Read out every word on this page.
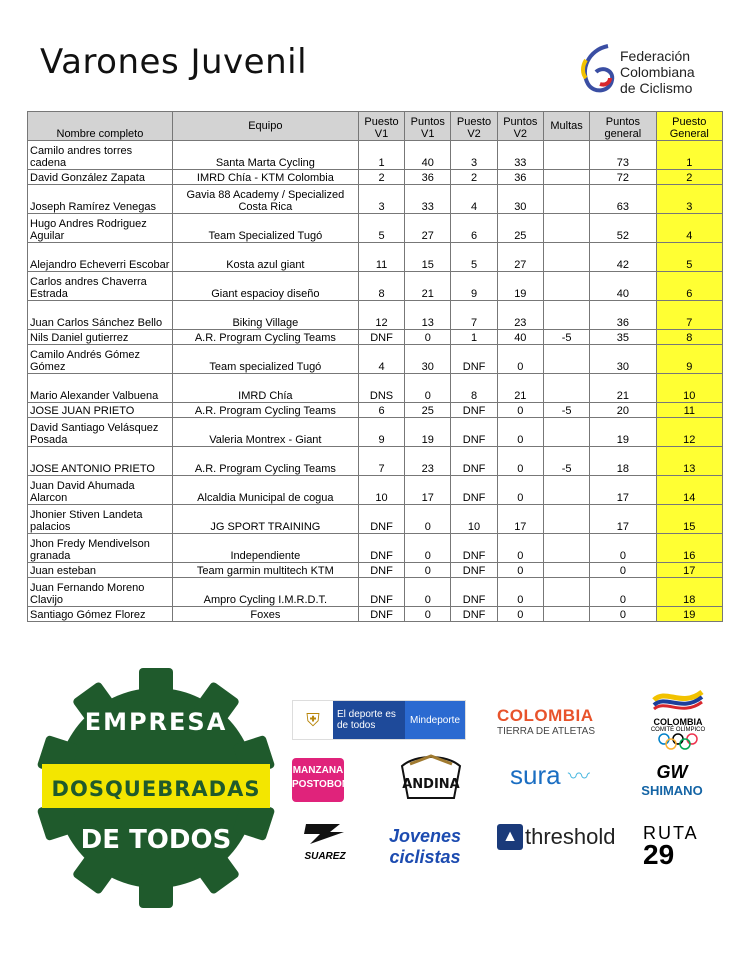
Varones Juvenil	Federación
Colombiana
de Ciclismo
Nombre completo	Equipo	Puesto V1	Puntos V1	Puesto V2	Puntos V2	Multas	Puntos general	Puesto General
Camilo andres torres cadena	Santa Marta Cycling	1	40	3	33		73	1
David González Zapata	IMRD Chía - KTM Colombia	2	36	2	36		72	2
Joseph Ramírez Venegas	Gavia 88 Academy / Specialized Costa Rica	3	33	4	30		63	3
Hugo Andres Rodriguez Aguilar	Team Specialized Tugó	5	27	6	25		52	4
Alejandro Echeverri Escobar	Kosta azul giant	11	15	5	27		42	5
Carlos andres Chaverra Estrada	Giant espacioy diseño	8	21	9	19		40	6
Juan Carlos Sánchez Bello	Biking Village	12	13	7	23		36	7
Nils Daniel gutierrez	A.R. Program Cycling Teams	DNF	0	1	40	-5	35	8
Camilo Andrés Gómez Gómez	Team specialized Tugó	4	30	DNF	0		30	9
Mario Alexander Valbuena	IMRD Chía	DNS	0	8	21		21	10
JOSE JUAN PRIETO	A.R. Program Cycling Teams	6	25	DNF	0	-5	20	11
David Santiago Velásquez Posada	Valeria Montrex - Giant	9	19	DNF	0		19	12
JOSE ANTONIO PRIETO	A.R. Program Cycling Teams	7	23	DNF	0	-5	18	13
Juan David Ahumada Alarcon	Alcaldia Municipal de cogua	10	17	DNF	0		17	14
Jhonier Stiven Landeta palacios	JG SPORT TRAINING	DNF	0	10	17		17	15
Jhon Fredy Mendivelson granada	Independiente	DNF	0	DNF	0		0	16
Juan esteban	Team garmin multitech KTM	DNF	0	DNF	0		0	17
Juan Fernando Moreno Clavijo	Ampro Cycling I.M.R.D.T.	DNF	0	DNF	0		0	18
Santiago Gómez Florez	Foxes	DNF	0	DNF	0		0	19
EMPRESA
DOSQUEBRADAS
DE TODOS
⛨	El deporte es de todos	Mindeporte COLOMBIA
TIERRA DE ATLETAS
COLOMBIA
COMITÉ OLÍMPICO
MANZANA POSTOBON	ANDINA sura 〰	GW
SHIMANO
SUAREZ
Jovenes ciclistas
▲ threshold RUTA
29
